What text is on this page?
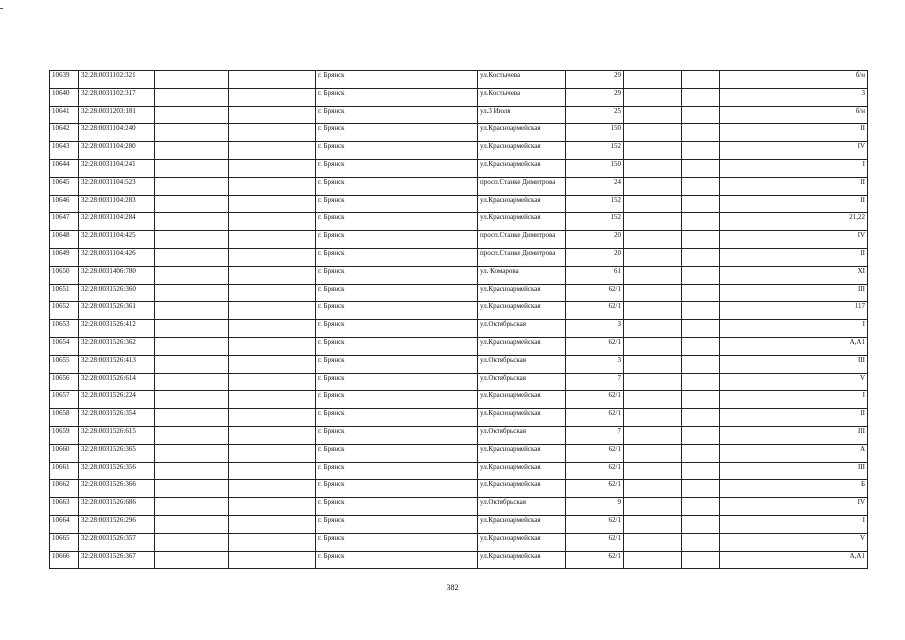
10639	32:28:0031102:321			г. Брянск	ул.Костычева	29			б/н
10640	32:28:0031102:317			г. Брянск	ул.Костычева	29			3
10641	32:28:0031203:181			г. Брянск	ул.3 Июля	25			б/н
10642	32:28:0031104:240			г. Брянск	ул.Красноармейская	150			II
10643	32:28:0031104:280			г. Брянск	ул.Красноармейская	152			IV
10644	32:28:0031104:241			г. Брянск	ул.Красноармейская	150			I
10645	32:28:0031104:523			г. Брянск	просп.Станке Димитрова	24			II
10646	32:28:0031104:283			г. Брянск	ул.Красноармейская	152			II
10647	32:28:0031104:284			г. Брянск	ул.Красноармейская	152			21,22
10648	32:28:0031104:425			г. Брянск	просп.Станке Димитрова	20			IV
10649	32:28:0031104:426			г. Брянск	просп.Станке Димитрова	20			II
10650	32:28:0031406:780			г. Брянск	ул. Комарова	61			XI
10651	32:28:0031526:360			г. Брянск	ул.Красноармейская	62/1			III
10652	32:28:0031526:361			г. Брянск	ул.Красноармейская	62/1			117
10653	32:28:0031526:412			г. Брянск	ул.Октябрьская	3			I
10654	32:28:0031526:362			г. Брянск	ул.Красноармейская	62/1			А,А1
10655	32:28:0031526:413			г. Брянск	ул.Октябрьская	3			III
10656	32:28:0031526:614			г. Брянск	ул.Октябрьская	7			V
10657	32:28:0031526:224			г. Брянск	ул.Красноармейская	62/1			I
10658	32:28:0031526:354			г. Брянск	ул.Красноармейская	62/1			II
10659	32:28:0031526:615			г. Брянск	ул.Октябрьская	7			III
10660	32:28:0031526:365			г. Брянск	ул.Красноармейская	62/1			А
10661	32:28:0031526:356			г. Брянск	ул.Красноармейская	62/1			III
10662	32:28:0031526:366			г. Брянск	ул.Красноармейская	62/1			Б
10663	32:28:0031526:686			г. Брянск	ул.Октябрьская	9			IV
10664	32:28:0031526:296			г. Брянск	ул.Красноармейская	62/1			I
10665	32:28:0031526:357			г. Брянск	ул.Красноармейская	62/1			V
10666	32:28:0031526:367			г. Брянск	ул.Красноармейская	62/1			А,А1
382
